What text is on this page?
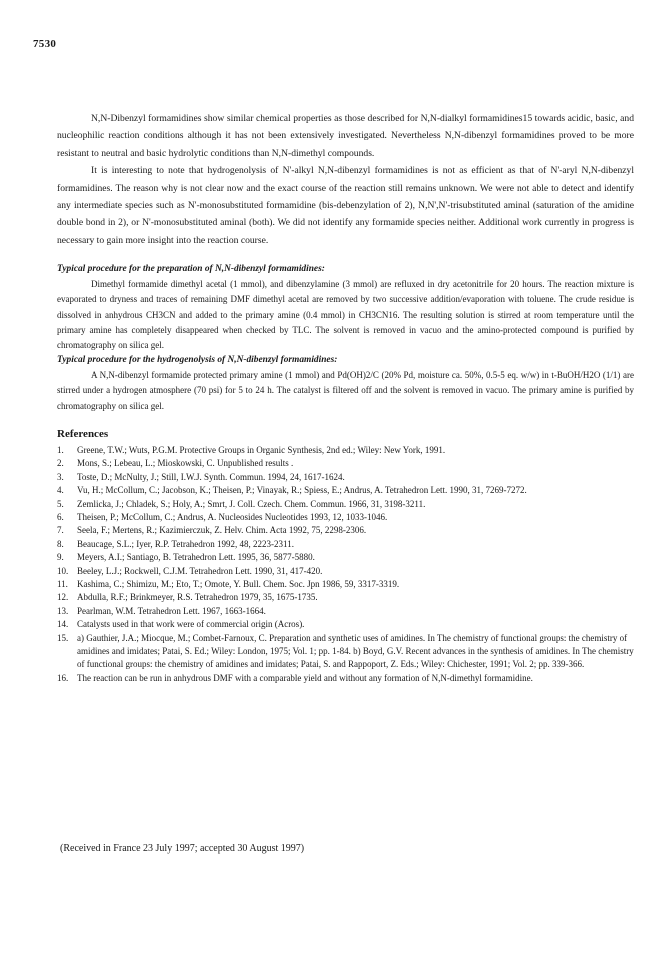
7530

N,N-Dibenzyl formamidines show similar chemical properties as those described for N,N-dialkyl formamidines15 towards acidic, basic, and nucleophilic reaction conditions although it has not been extensively investigated. Nevertheless N,N-dibenzyl formamidines proved to be more resistant to neutral and basic hydrolytic conditions than N,N-dimethyl compounds.

It is interesting to note that hydrogenolysis of N'-alkyl N,N-dibenzyl formamidines is not as efficient as that of N'-aryl N,N-dibenzyl formamidines. The reason why is not clear now and the exact course of the reaction still remains unknown. We were not able to detect and identify any intermediate species such as N'-monosubstituted formamidine (bis-debenzylation of 2), N,N',N'-trisubstituted aminal (saturation of the amidine double bond in 2), or N'-monosubstituted aminal (both). We did not identify any formamide species neither. Additional work currently in progress is necessary to gain more insight into the reaction course.

Typical procedure for the preparation of N,N-dibenzyl formamidines:

Dimethyl formamide dimethyl acetal (1 mmol), and dibenzylamine (3 mmol) are refluxed in dry acetonitrile for 20 hours. The reaction mixture is evaporated to dryness and traces of remaining DMF dimethyl acetal are removed by two successive addition/evaporation with toluene. The crude residue is dissolved in anhydrous CH3CN and added to the primary amine (0.4 mmol) in CH3CN16. The resulting solution is stirred at room temperature until the primary amine has completely disappeared when checked by TLC. The solvent is removed in vacuo and the amino-protected compound is purified by chromatography on silica gel.

Typical procedure for the hydrogenolysis of N,N-dibenzyl formamidines:

A N,N-dibenzyl formamide protected primary amine (1 mmol) and Pd(OH)2/C (20% Pd, moisture ca. 50%, 0.5-5 eq. w/w) in t-BuOH/H2O (1/1) are stirred under a hydrogen atmosphere (70 psi) for 5 to 24 h. The catalyst is filtered off and the solvent is removed in vacuo. The primary amine is purified by chromatography on silica gel.

References
1. Greene, T.W.; Wuts, P.G.M. Protective Groups in Organic Synthesis, 2nd ed.; Wiley: New York, 1991.
2. Mons, S.; Lebeau, L.; Mioskowski, C. Unpublished results .
3. Toste, D.; McNulty, J.; Still, I.W.J. Synth. Commun. 1994, 24, 1617-1624.
4. Vu, H.; McCollum, C.; Jacobson, K.; Theisen, P.; Vinayak, R.; Spiess, E.; Andrus, A. Tetrahedron Lett. 1990, 31, 7269-7272.
5. Zemlicka, J.; Chladek, S.; Holy, A.; Smrt, J. Coll. Czech. Chem. Commun. 1966, 31, 3198-3211.
6. Theisen, P.; McCollum, C.; Andrus, A. Nucleosides Nucleotides 1993, 12, 1033-1046.
7. Seela, F.; Mertens, R.; Kazimierczuk, Z. Helv. Chim. Acta 1992, 75, 2298-2306.
8. Beaucage, S.L.; Iyer, R.P. Tetrahedron 1992, 48, 2223-2311.
9. Meyers, A.I.; Santiago, B. Tetrahedron Lett. 1995, 36, 5877-5880.
10. Beeley, L.J.; Rockwell, C.J.M. Tetrahedron Lett. 1990, 31, 417-420.
11. Kashima, C.; Shimizu, M.; Eto, T.; Omote, Y. Bull. Chem. Soc. Jpn 1986, 59, 3317-3319.
12. Abdulla, R.F.; Brinkmeyer, R.S. Tetrahedron 1979, 35, 1675-1735.
13. Pearlman, W.M. Tetrahedron Lett. 1967, 1663-1664.
14. Catalysts used in that work were of commercial origin (Acros).
15. a) Gauthier, J.A.; Miocque, M.; Combet-Farnoux, C. Preparation and synthetic uses of amidines. In The chemistry of functional groups: the chemistry of amidines and imidates; Patai, S. Ed.; Wiley: London, 1975; Vol. 1; pp. 1-84. b) Boyd, G.V. Recent advances in the synthesis of amidines. In The chemistry of functional groups: the chemistry of amidines and imidates; Patai, S. and Rappoport, Z. Eds.; Wiley: Chichester, 1991; Vol. 2; pp. 339-366.
16. The reaction can be run in anhydrous DMF with a comparable yield and without any formation of N,N-dimethyl formamidine.
(Received in France 23 July 1997; accepted 30 August 1997)
